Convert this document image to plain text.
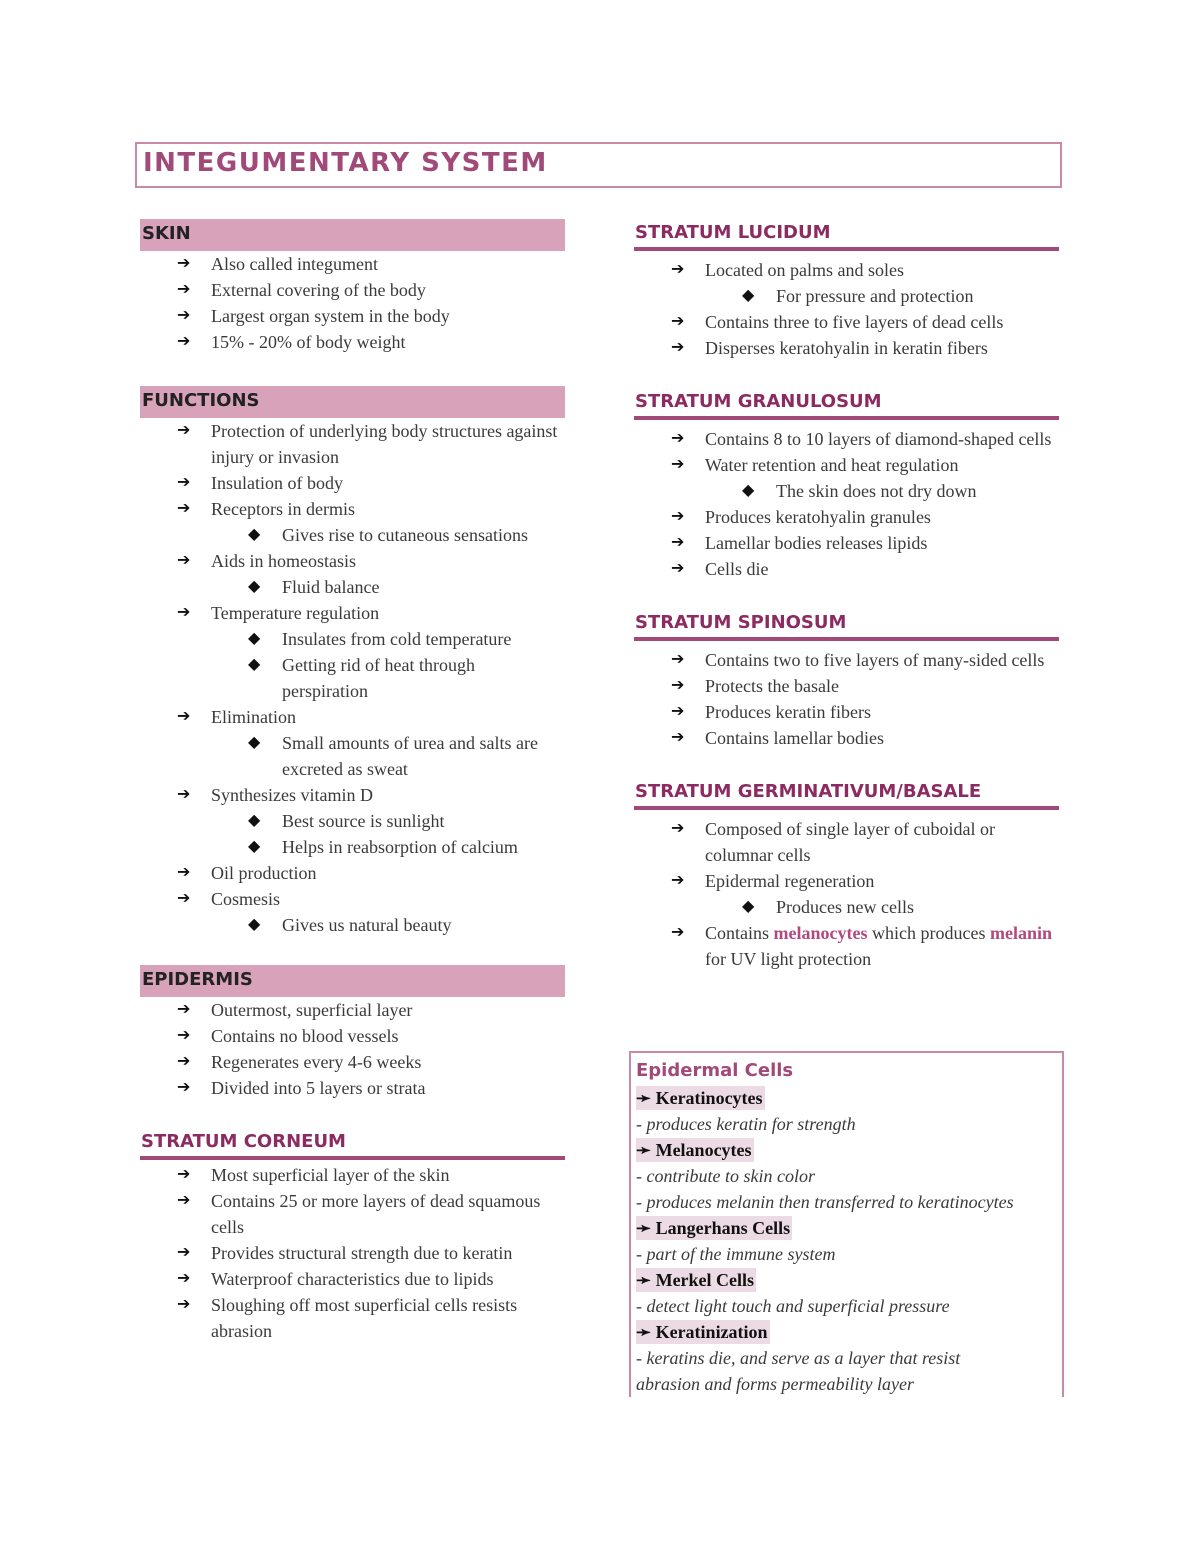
INTEGUMENTARY SYSTEM
SKIN
➔ Also called integument
➔ External covering of the body
➔ Largest organ system in the body
➔ 15% - 20% of body weight
FUNCTIONS
➔ Protection of underlying body structures against injury or invasion
➔ Insulation of body
➔ Receptors in dermis
◆ Gives rise to cutaneous sensations
➔ Aids in homeostasis
◆ Fluid balance
➔ Temperature regulation
◆ Insulates from cold temperature
◆ Getting rid of heat through perspiration
➔ Elimination
◆ Small amounts of urea and salts are excreted as sweat
➔ Synthesizes vitamin D
◆ Best source is sunlight
◆ Helps in reabsorption of calcium
➔ Oil production
➔ Cosmesis
◆ Gives us natural beauty
EPIDERMIS
➔ Outermost, superficial layer
➔ Contains no blood vessels
➔ Regenerates every 4-6 weeks
➔ Divided into 5 layers or strata
STRATUM CORNEUM
➔ Most superficial layer of the skin
➔ Contains 25 or more layers of dead squamous cells
➔ Provides structural strength due to keratin
➔ Waterproof characteristics due to lipids
➔ Sloughing off most superficial cells resists abrasion
STRATUM LUCIDUM
➔ Located on palms and soles
◆ For pressure and protection
➔ Contains three to five layers of dead cells
➔ Disperses keratohyalin in keratin fibers
STRATUM GRANULOSUM
➔ Contains 8 to 10 layers of diamond-shaped cells
➔ Water retention and heat regulation
◆ The skin does not dry down
➔ Produces keratohyalin granules
➔ Lamellar bodies releases lipids
➔ Cells die
STRATUM SPINOSUM
➔ Contains two to five layers of many-sided cells
➔ Protects the basale
➔ Produces keratin fibers
➔ Contains lamellar bodies
STRATUM GERMINATIVUM/BASALE
➔ Composed of single layer of cuboidal or columnar cells
➔ Epidermal regeneration
◆ Produces new cells
➔ Contains melanocytes which produces melanin for UV light protection
Epidermal Cells
➛ Keratinocytes
- produces keratin for strength
➛ Melanocytes
- contribute to skin color
- produces melanin then transferred to keratinocytes
➛ Langerhans Cells
- part of the immune system
➛ Merkel Cells
- detect light touch and superficial pressure
➛ Keratinization
- keratins die, and serve as a layer that resist abrasion and forms permeability layer
